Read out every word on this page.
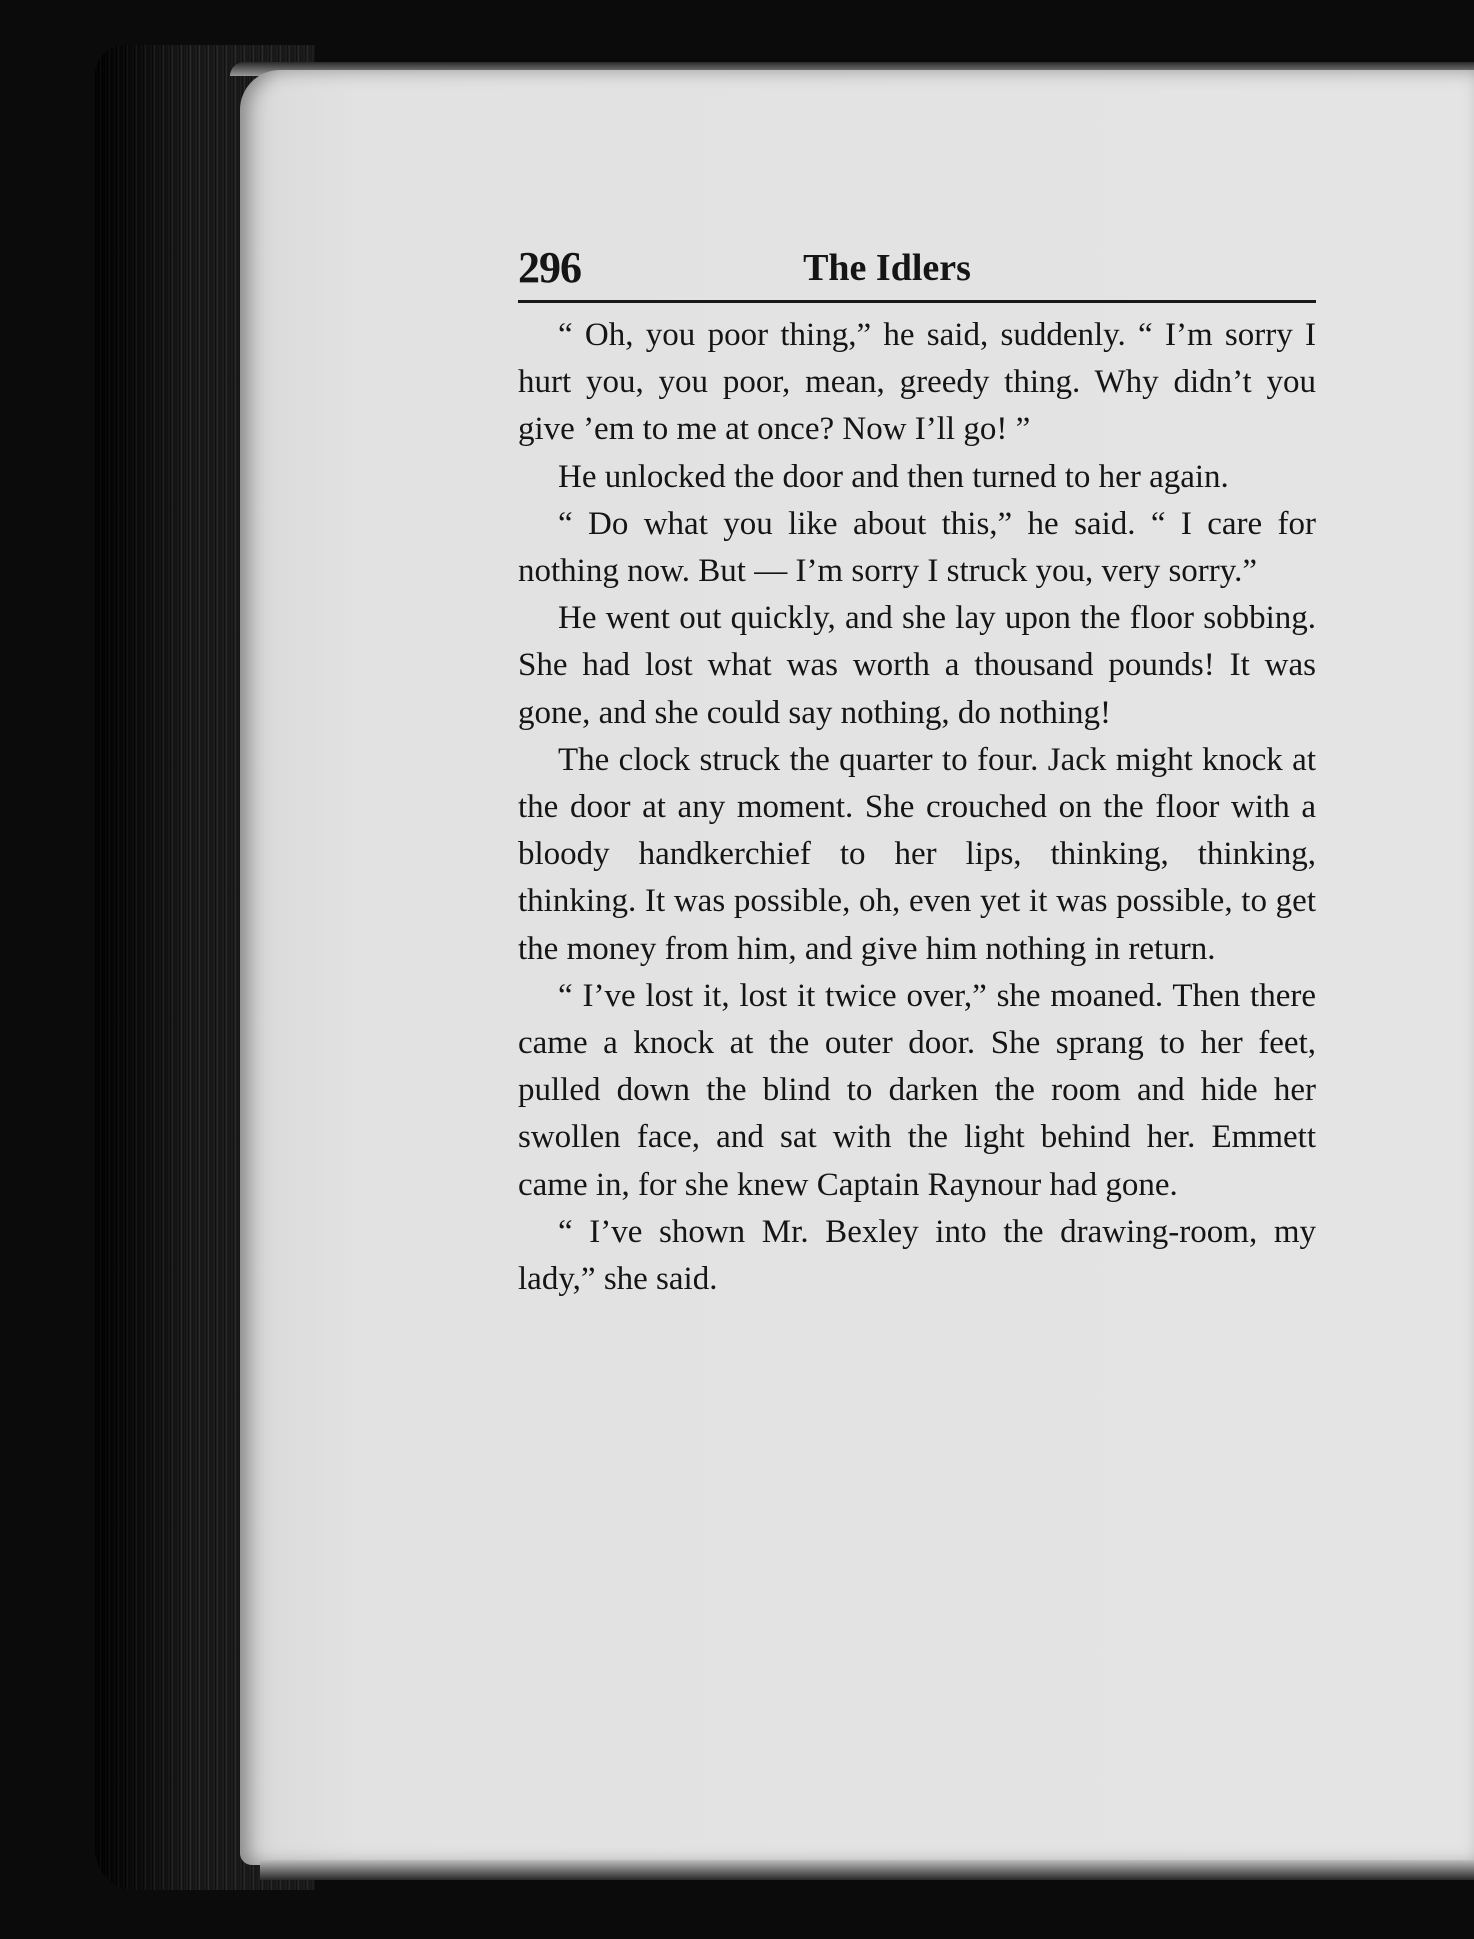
296	The Idlers

“ Oh, you poor thing,” he said, suddenly. “ I’m sorry I hurt you, you poor, mean, greedy thing. Why didn’t you give ’em to me at once? Now I’ll go! ”

He unlocked the door and then turned to her again.

“ Do what you like about this,” he said. “ I care for nothing now. But — I’m sorry I struck you, very sorry.”

He went out quickly, and she lay upon the floor sobbing. She had lost what was worth a thousand pounds! It was gone, and she could say nothing, do nothing!

The clock struck the quarter to four. Jack might knock at the door at any moment. She crouched on the floor with a bloody handkerchief to her lips, thinking, thinking, thinking. It was possible, oh, even yet it was possible, to get the money from him, and give him nothing in return.

“ I’ve lost it, lost it twice over,” she moaned. Then there came a knock at the outer door. She sprang to her feet, pulled down the blind to darken the room and hide her swollen face, and sat with the light behind her. Emmett came in, for she knew Captain Raynour had gone.

“ I’ve shown Mr. Bexley into the drawing-room, my lady,” she said.
